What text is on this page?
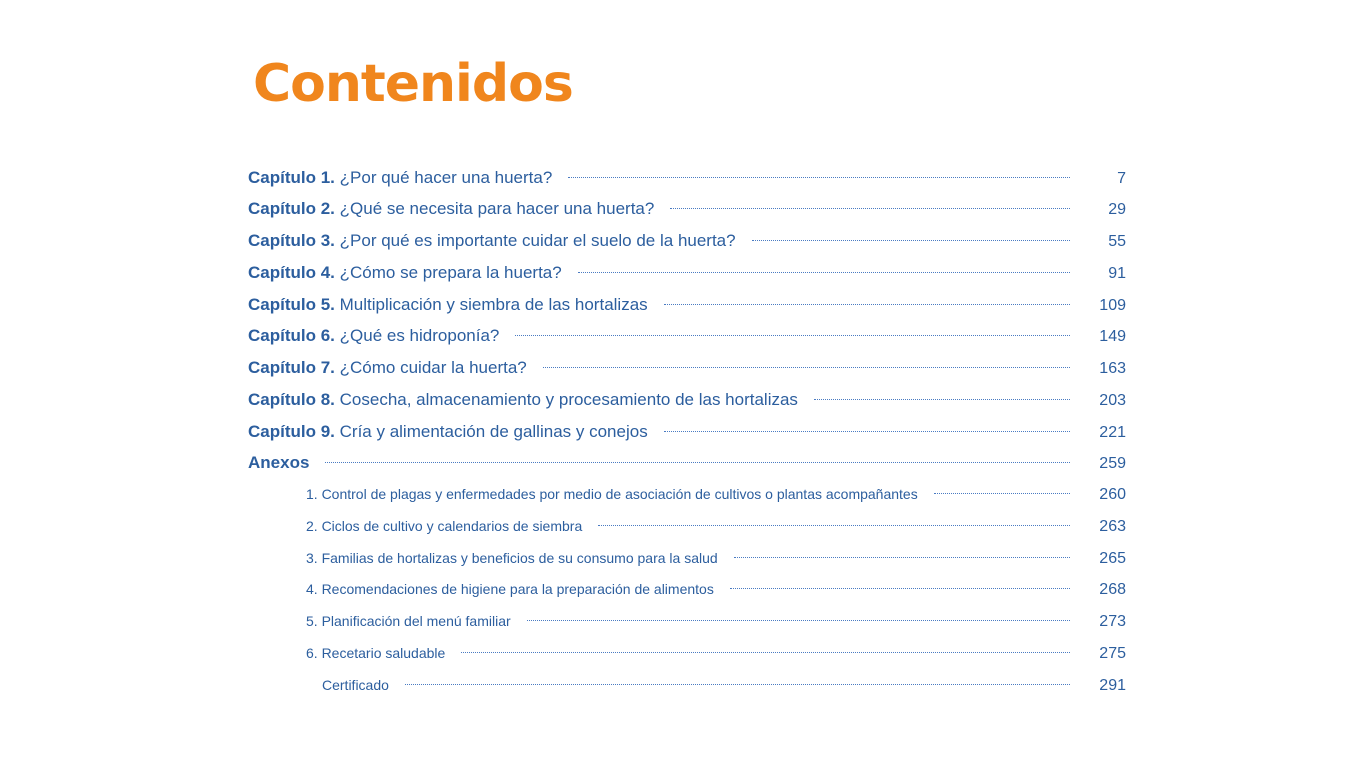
Contenidos
Capítulo 1. ¿Por qué hacer una huerta?	7
Capítulo 2. ¿Qué se necesita para hacer una huerta?	29
Capítulo 3. ¿Por qué es importante cuidar el suelo de la huerta?	55
Capítulo 4. ¿Cómo se prepara la huerta?	91
Capítulo 5. Multiplicación y siembra de las hortalizas	109
Capítulo 6. ¿Qué es hidroponía?	149
Capítulo 7. ¿Cómo cuidar la huerta?	163
Capítulo 8. Cosecha, almacenamiento y procesamiento de las hortalizas	203
Capítulo 9. Cría y alimentación de gallinas y conejos	221
Anexos	259
1. Control de plagas y enfermedades por medio de asociación de cultivos o plantas acompañantes	260
2. Ciclos de cultivo y calendarios de siembra	263
3. Familias de hortalizas y beneficios de su consumo para la salud	265
4. Recomendaciones de higiene para la preparación de alimentos	268
5. Planificación del menú familiar	273
6. Recetario saludable	275
Certificado	291
